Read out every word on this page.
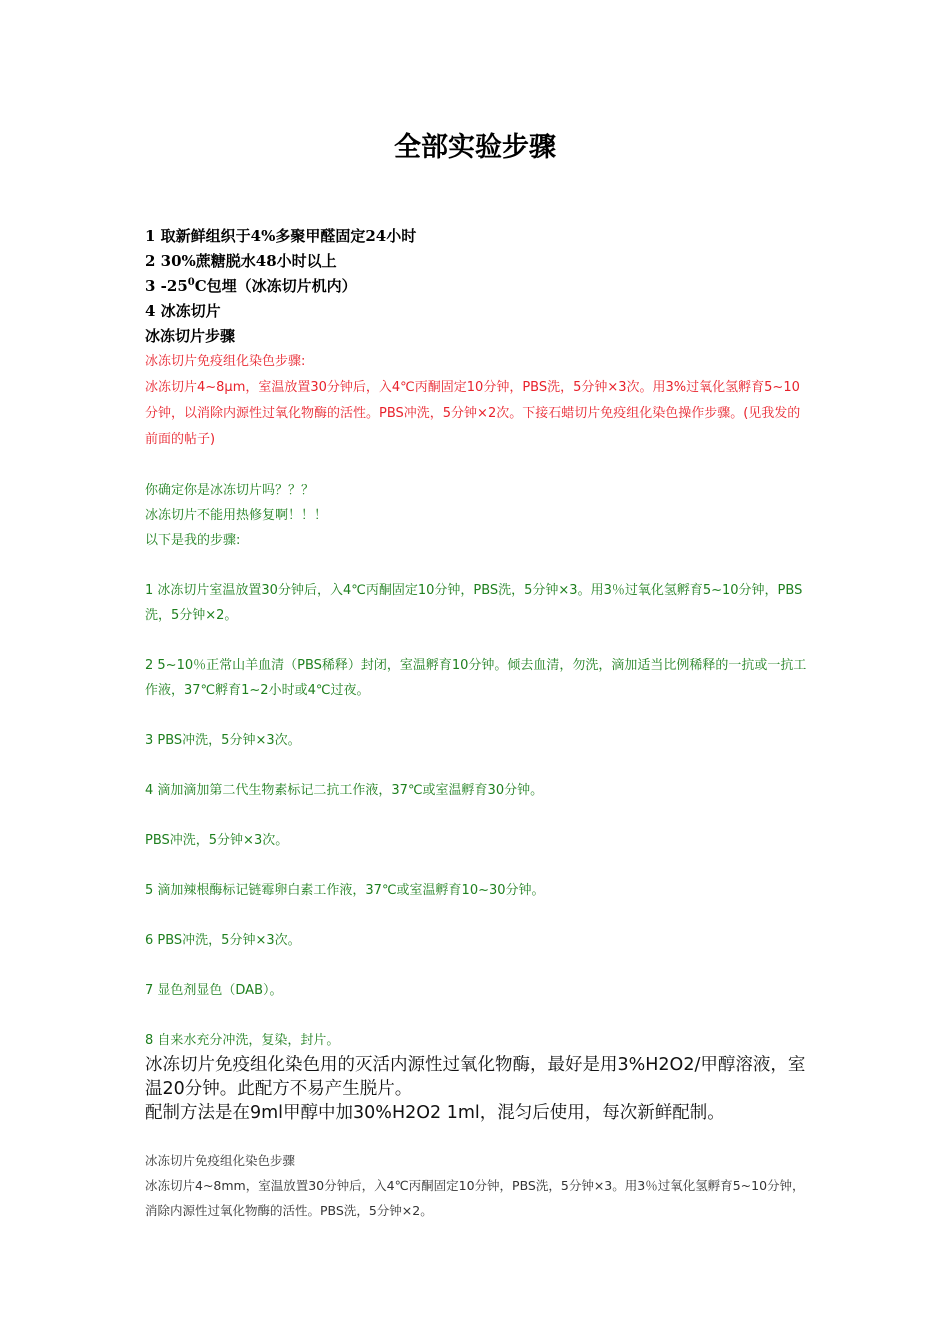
全部实验步骤
1 取新鲜组织于4%多聚甲醛固定24小时
2 30%蔗糖脱水48小时以上
3 $-25^0C$包埋（冰冻切片机内）
4 冰冻切片
冰冻切片步骤
冰冻切片免疫组化染色步骤:
冰冻切片4~8μm，室温放置30分钟后，入4℃丙酮固定10分钟，PBS洗，5分钟×3次。用3%过氧化氢孵育5~10分钟，以消除内源性过氧化物酶的活性。PBS冲洗，5分钟×2次。下接石蜡切片免疫组化染色操作步骤。(见我发的前面的帖子)
你确定你是冰冻切片吗？？？
冰冻切片不能用热修复啊！！！
以下是我的步骤:
1 冰冻切片室温放置30分钟后，入4℃丙酮固定10分钟，PBS洗，5分钟×3。用3％过氧化氢孵育5~10分钟，PBS洗，5分钟×2。
2 5~10％正常山羊血清（PBS稀释）封闭，室温孵育10分钟。倾去血清，勿洗，滴加适当比例稀释的一抗或一抗工作液，37℃孵育1~2小时或4℃过夜。
3 PBS冲洗，5分钟×3次。
4 滴加滴加第二代生物素标记二抗工作液，37℃或室温孵育30分钟。
PBS冲洗，5分钟×3次。
5 滴加辣根酶标记链霉卵白素工作液，37℃或室温孵育10~30分钟。
6 PBS冲洗，5分钟×3次。
7 显色剂显色（DAB）。
8 自来水充分冲洗，复染，封片。
冰冻切片免疫组化染色用的灭活内源性过氧化物酶，最好是用3%H2O2/甲醇溶液，室温20分钟。此配方不易产生脱片。
配制方法是在9ml甲醇中加30%H2O2 1ml，混匀后使用，每次新鲜配制。
冰冻切片免疫组化染色步骤
冰冻切片4~8mm，室温放置30分钟后，入4℃丙酮固定10分钟，PBS洗，5分钟×3。用3％过氧化氢孵育5~10分钟，消除内源性过氧化物酶的活性。PBS洗，5分钟×2。
